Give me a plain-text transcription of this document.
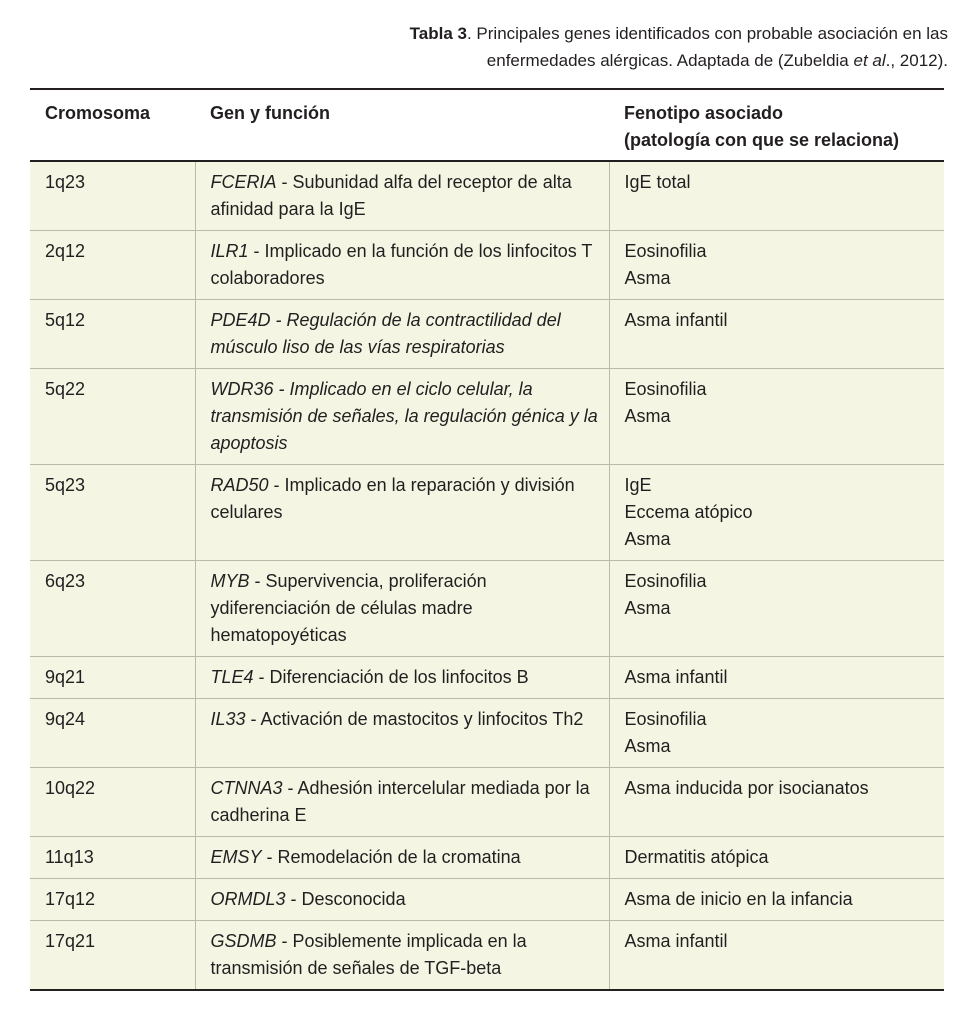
Tabla 3. Principales genes identificados con probable asociación en las
enfermedades alérgicas. Adaptada de (Zubeldia et al., 2012).
Cromosoma	Gen y función	Fenotipo asociado
(patología con que se relaciona)

1q23	FCERIA - Subunidad alfa del receptor de alta afinidad para la IgE	IgE total

2q12	ILR1 - Implicado en la función de los linfocitos T colaboradores	Eosinofilia
Asma

5q12	PDE4D - Regulación de la contractilidad del músculo liso de las vías respiratorias	Asma infantil

5q22	WDR36 - Implicado en el ciclo celular, la transmisión de señales, la regulación génica y la apoptosis	Eosinofilia
Asma

5q23	RAD50 - Implicado en la reparación y división celulares	IgE
Eccema atópico
Asma

6q23	MYB - Supervivencia, proliferación ydiferenciación de células madre hematopoyéticas	Eosinofilia
Asma

9q21	TLE4 - Diferenciación de los linfocitos B	Asma infantil

9q24	IL33 - Activación de mastocitos y linfocitos Th2	Eosinofilia
Asma

10q22	CTNNA3 - Adhesión intercelular mediada por la cadherina E	Asma inducida por isocianatos

11q13	EMSY - Remodelación de la cromatina	Dermatitis atópica

17q12	ORMDL3 - Desconocida	Asma de inicio en la infancia

17q21	GSDMB - Posiblemente implicada en la transmisión de señales de TGF-beta	Asma infantil
